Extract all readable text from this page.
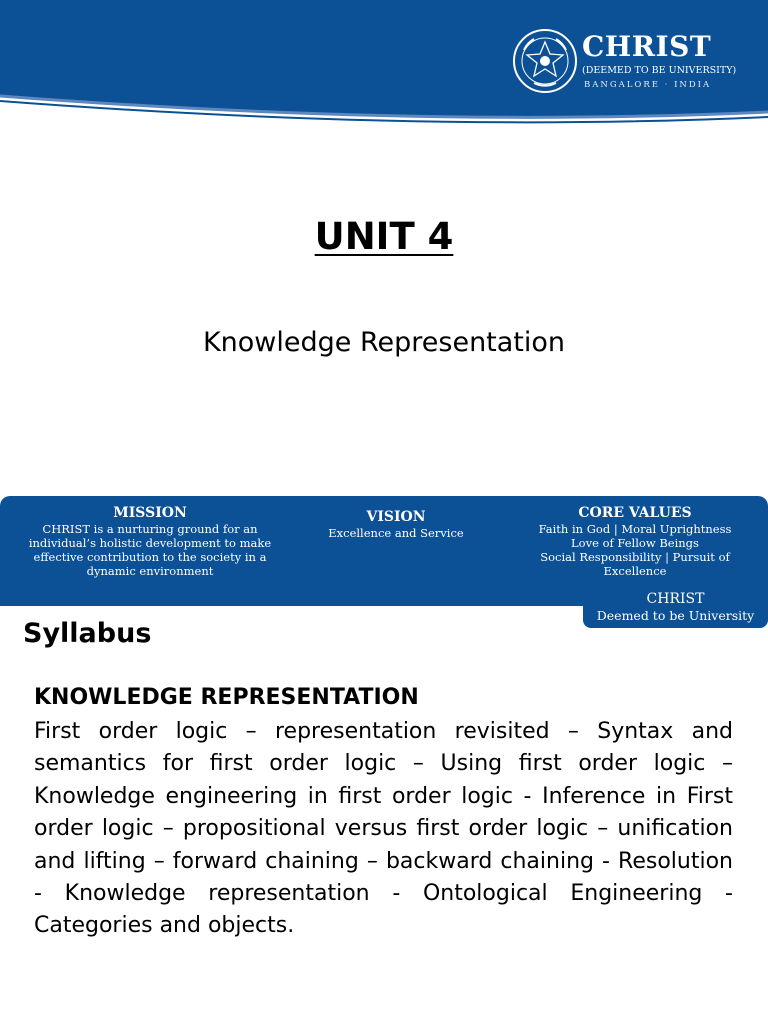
CHRIST
(DEEMED TO BE UNIVERSITY)
BANGALORE · INDIA
UNIT 4
Knowledge Representation
MISSION
CHRIST is a nurturing ground for an individual’s holistic development to make effective contribution to the society in a dynamic environment
VISION
Excellence and Service
CORE VALUES
Faith in God | Moral Uprightness
Love of Fellow Beings
Social Responsibility | Pursuit of Excellence
CHRIST
Deemed to be University
Syllabus
KNOWLEDGE REPRESENTATION
First order logic – representation revisited – Syntax and semantics for first order logic – Using first order logic – Knowledge engineering in first order logic - Inference in First order logic – propositional versus first order logic – unification and lifting – forward chaining – backward chaining - Resolution - Knowledge representation - Ontological Engineering - Categories and objects.
